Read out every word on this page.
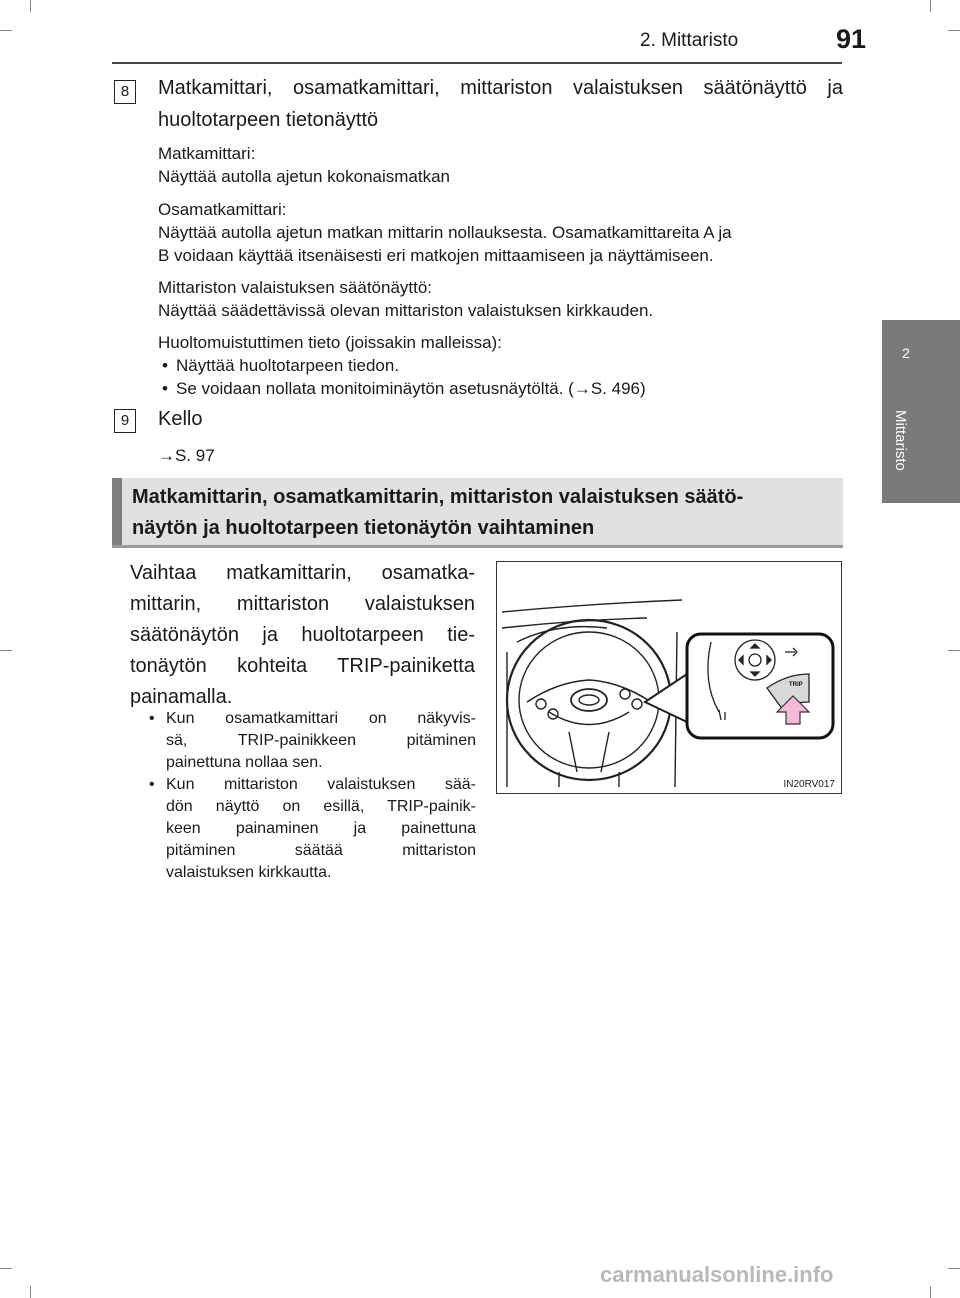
2. Mittaristo	91
2
Mittaristo
8	Matkamittari, osamatkamittari, mittariston valaistuksen säätönäyttö ja huoltotarpeen tietonäyttö
Matkamittari:
Näyttää autolla ajetun kokonaismatkan
Osamatkamittari:
Näyttää autolla ajetun matkan mittarin nollauksesta. Osamatkamittareita A ja
B voidaan käyttää itsenäisesti eri matkojen mittaamiseen ja näyttämiseen.
Mittariston valaistuksen säätönäyttö:
Näyttää säädettävissä olevan mittariston valaistuksen kirkkauden.
Huoltomuistuttimen tieto (joissakin malleissa):
• Näyttää huoltotarpeen tiedon.
• Se voidaan nollata monitoiminäytön asetusnäytöltä. (→S. 496)
9	Kello
→S. 97
Matkamittarin, osamatkamittarin, mittariston valaistuksen säätö-
näytön ja huoltotarpeen tietonäytön vaihtaminen
Vaihtaa matkamittarin, osamatka-
mittarin, mittariston valaistuksen
säätönäytön ja huoltotarpeen tie-
tonäytön kohteita TRIP-painiketta
painamalla.
• Kun osamatkamittari on näkyvis-
sä, TRIP-painikkeen pitäminen
painettuna nollaa sen.
• Kun mittariston valaistuksen sää-
dön näyttö on esillä, TRIP-painik-
keen painaminen ja painettuna
pitäminen säätää mittariston
valaistuksen kirkkautta.
TRIP
IN20RV017
carmanualsonline.info
